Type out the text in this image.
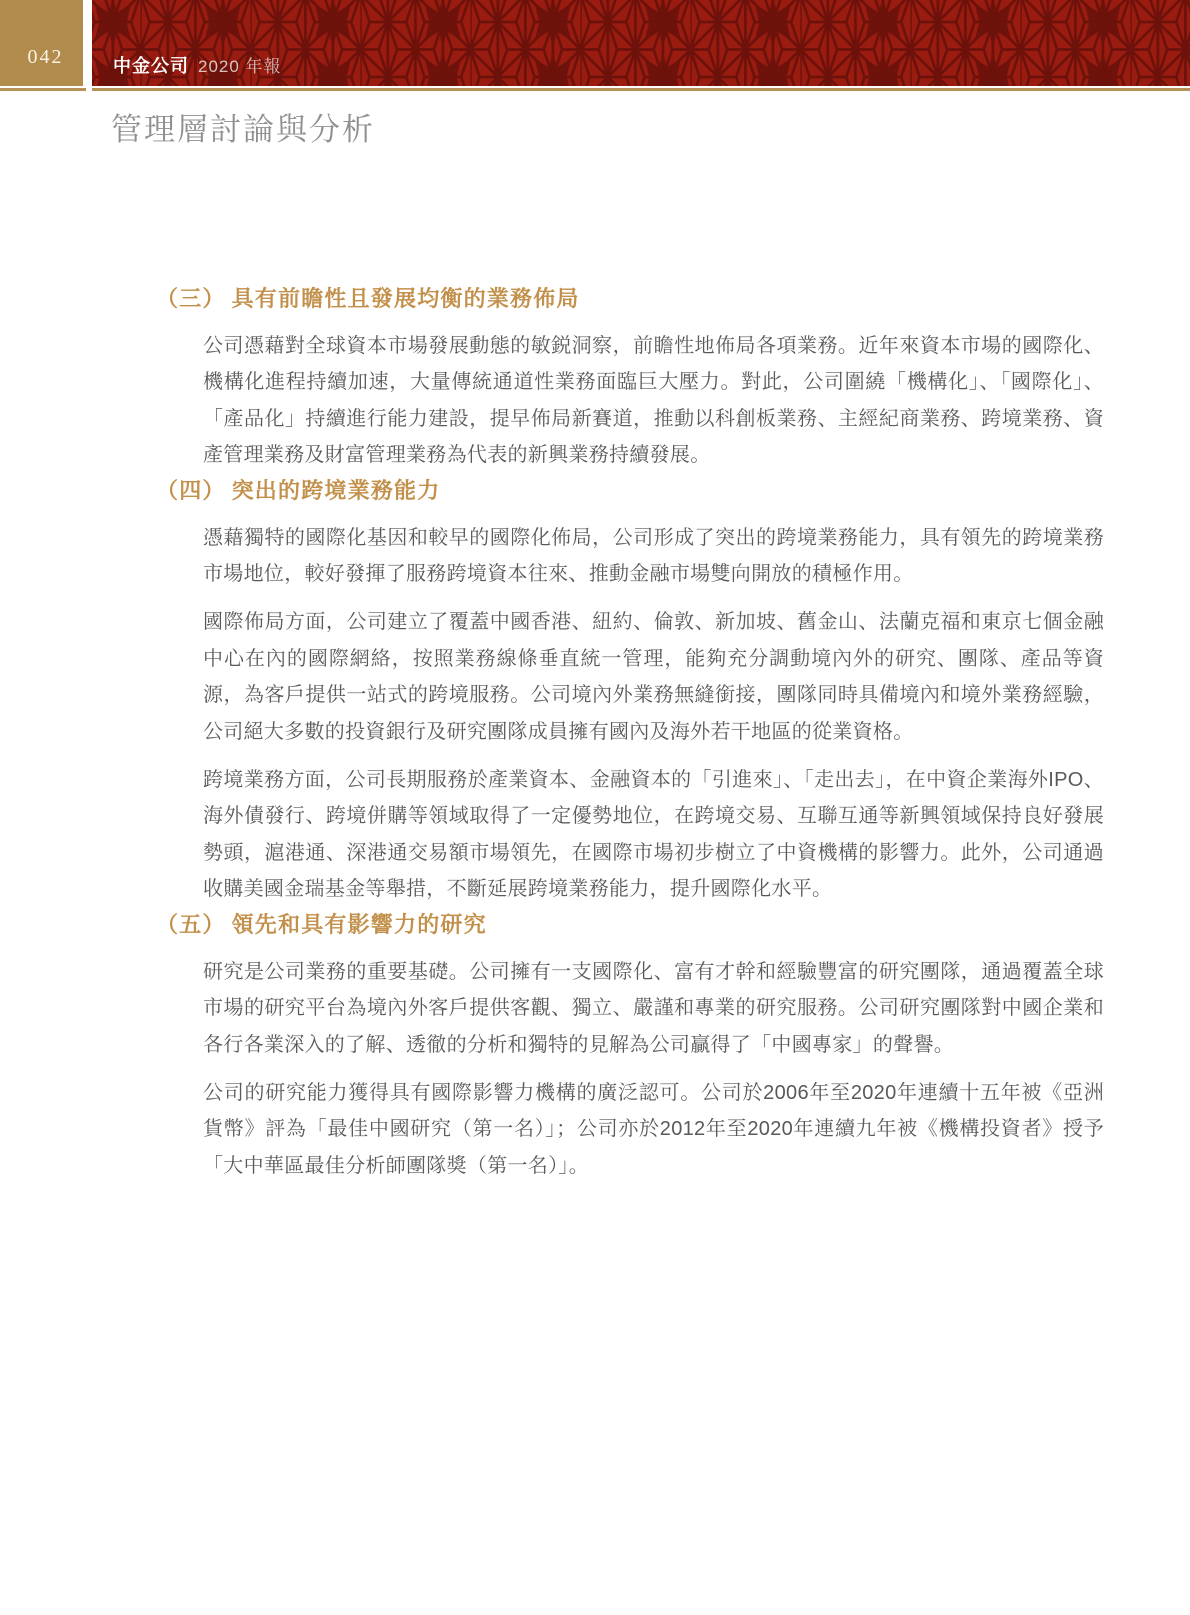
042	中金公司 2020 年報
管理層討論與分析
（三） 具有前瞻性且發展均衡的業務佈局

公司憑藉對全球資本市場發展動態的敏鋭洞察，前瞻性地佈局各項業務。近年來資本市場的國際化、機構化進程持續加速，大量傳統通道性業務面臨巨大壓力。對此，公司圍繞「機構化」、「國際化」、「產品化」持續進行能力建設，提早佈局新賽道，推動以科創板業務、主經紀商業務、跨境業務、資產管理業務及財富管理業務為代表的新興業務持續發展。

（四） 突出的跨境業務能力

憑藉獨特的國際化基因和較早的國際化佈局，公司形成了突出的跨境業務能力，具有領先的跨境業務市場地位，較好發揮了服務跨境資本往來、推動金融市場雙向開放的積極作用。

國際佈局方面，公司建立了覆蓋中國香港、紐約、倫敦、新加坡、舊金山、法蘭克福和東京七個金融中心在內的國際網絡，按照業務線條垂直統一管理，能夠充分調動境內外的研究、團隊、產品等資源，為客戶提供一站式的跨境服務。公司境內外業務無縫銜接，團隊同時具備境內和境外業務經驗，公司絕大多數的投資銀行及研究團隊成員擁有國內及海外若干地區的從業資格。

跨境業務方面，公司長期服務於產業資本、金融資本的「引進來」、「走出去」，在中資企業海外IPO、海外債發行、跨境併購等領域取得了一定優勢地位，在跨境交易、互聯互通等新興領域保持良好發展勢頭，滬港通、深港通交易額市場領先，在國際市場初步樹立了中資機構的影響力。此外，公司通過收購美國金瑞基金等舉措，不斷延展跨境業務能力，提升國際化水平。

（五） 領先和具有影響力的研究

研究是公司業務的重要基礎。公司擁有一支國際化、富有才幹和經驗豐富的研究團隊，通過覆蓋全球市場的研究平台為境內外客戶提供客觀、獨立、嚴謹和專業的研究服務。公司研究團隊對中國企業和各行各業深入的了解、透徹的分析和獨特的見解為公司贏得了「中國專家」的聲譽。

公司的研究能力獲得具有國際影響力機構的廣泛認可。公司於2006年至2020年連續十五年被《亞洲貨幣》評為「最佳中國研究（第一名）」；公司亦於2012年至2020年連續九年被《機構投資者》授予「大中華區最佳分析師團隊獎（第一名）」。
